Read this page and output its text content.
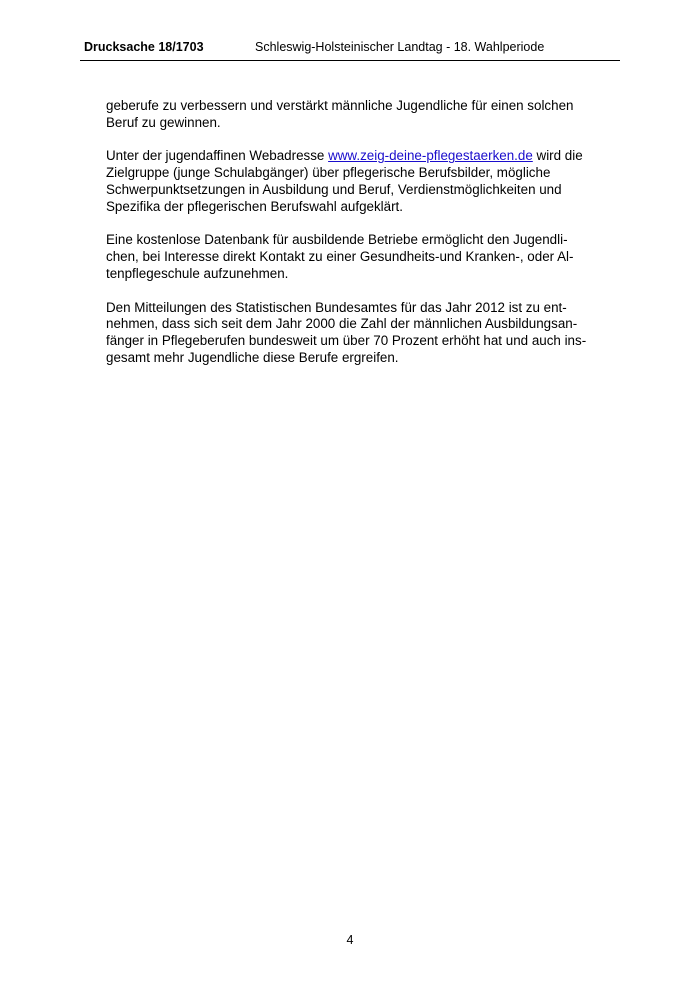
Drucksache 18/1703	Schleswig-Holsteinischer Landtag - 18. Wahlperiode

geberufe zu verbessern und verstärkt männliche Jugendliche für einen solchen
Beruf zu gewinnen.

Unter der jugendaffinen Webadresse www.zeig-deine-pflegestaerken.de wird die
Zielgruppe (junge Schulabgänger) über pflegerische Berufsbilder, mögliche
Schwerpunktsetzungen in Ausbildung und Beruf, Verdienstmöglichkeiten und
Spezifika der pflegerischen Berufswahl aufgeklärt.

Eine kostenlose Datenbank für ausbildende Betriebe ermöglicht den Jugendli-
chen, bei Interesse direkt Kontakt zu einer Gesundheits-und Kranken-, oder Al-
tenpflegeschule aufzunehmen.

Den Mitteilungen des Statistischen Bundesamtes für das Jahr 2012 ist zu ent-
nehmen, dass sich seit dem Jahr 2000 die Zahl der männlichen Ausbildungsan-
fänger in Pflegeberufen bundesweit um über 70 Prozent erhöht hat und auch ins-
gesamt mehr Jugendliche diese Berufe ergreifen.

4
